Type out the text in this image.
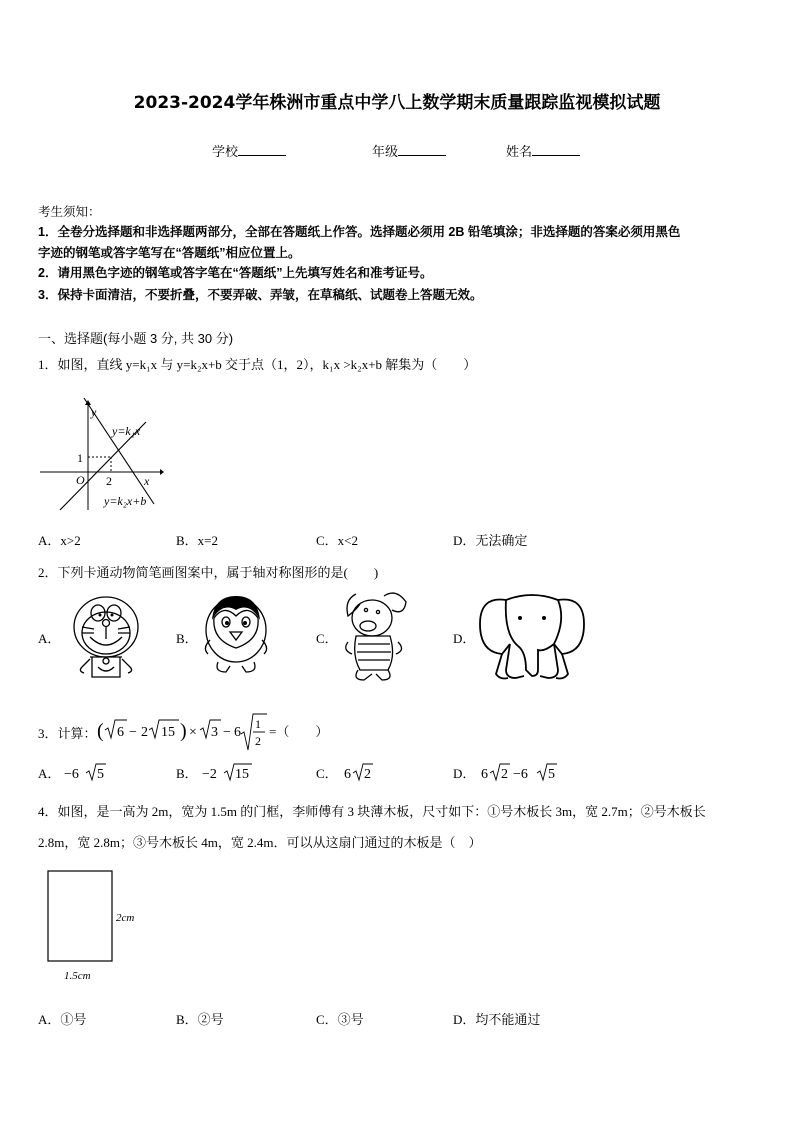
2023-2024学年株洲市重点中学八上数学期末质量跟踪监视模拟试题
学校	年级	姓名
考生须知：
1．全卷分选择题和非选择题两部分，全部在答题纸上作答。选择题必须用 2B 铅笔填涂；非选择题的答案必须用黑色
字迹的钢笔或答字笔写在“答题纸”相应位置上。
2．请用黑色字迹的钢笔或答字笔在“答题纸”上先填写姓名和准考证号。
3．保持卡面清洁，不要折叠，不要弄破、弄皱，在草稿纸、试题卷上答题无效。
一、选择题(每小题 3 分, 共 30 分)
1．如图，直线 y=k₁x 与 y=k₂x+b 交于点（1，2），k₁x >k₂x+b 解集为（　　）
y
x
O
1
2
y=k₁x
y=k₂x+b
A．x>2	B．x=2	C．x<2	D．无法确定
2．下列卡通动物简笔画图案中，属于轴对称图形的是(　　)
A．	B．	C．	D．
3．计算： ( 6 − 2 15 ) × 3 − 6
1
2
=（　　）
A． −6 5	B． −2 15	C． 6 2	D． 6 2 −6 5
4．如图，是一高为 2m，宽为 1.5m 的门框，李师傅有 3 块薄木板，尺寸如下：①号木板长 3m，宽 2.7m；②号木板长
2.8m，宽 2.8m；③号木板长 4m，宽 2.4m．可以从这扇门通过的木板是（　）
2cm
1.5cm
A．①号	B．②号	C．③号	D．均不能通过
